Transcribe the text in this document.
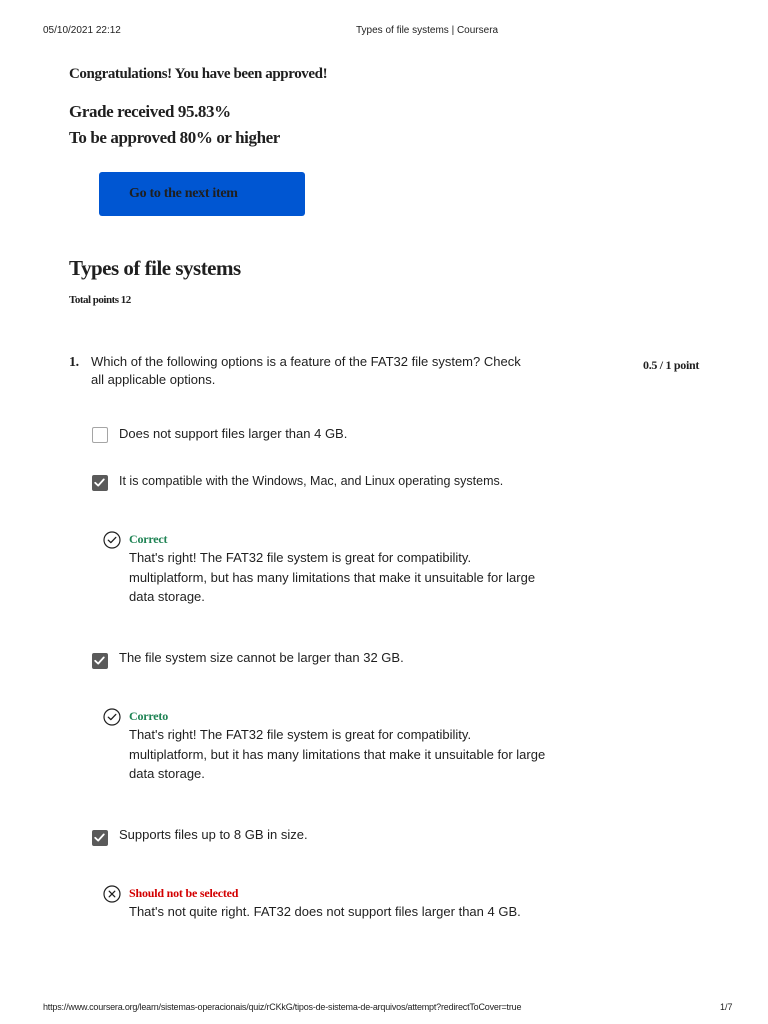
05/10/2021 22:12	Types of file systems | Coursera
Congratulations! You have been approved!
Grade received 95.83%
To be approved 80% or higher
Go to the next item
Types of file systems
Total points 12
1. Which of the following options is a feature of the FAT32 file system? Check all applicable options.
0.5 / 1 point
Does not support files larger than 4 GB.
It is compatible with the Windows, Mac, and Linux operating systems.
Correct
That's right! The FAT32 file system is great for compatibility. multiplatform, but has many limitations that make it unsuitable for large data storage.
The file system size cannot be larger than 32 GB.
Correto
That's right! The FAT32 file system is great for compatibility. multiplatform, but it has many limitations that make it unsuitable for large data storage.
Supports files up to 8 GB in size.
Should not be selected
That's not quite right. FAT32 does not support files larger than 4 GB.
https://www.coursera.org/learn/sistemas-operacionais/quiz/rCKkG/tipos-de-sistema-de-arquivos/attempt?redirectToCover=true	1/7
